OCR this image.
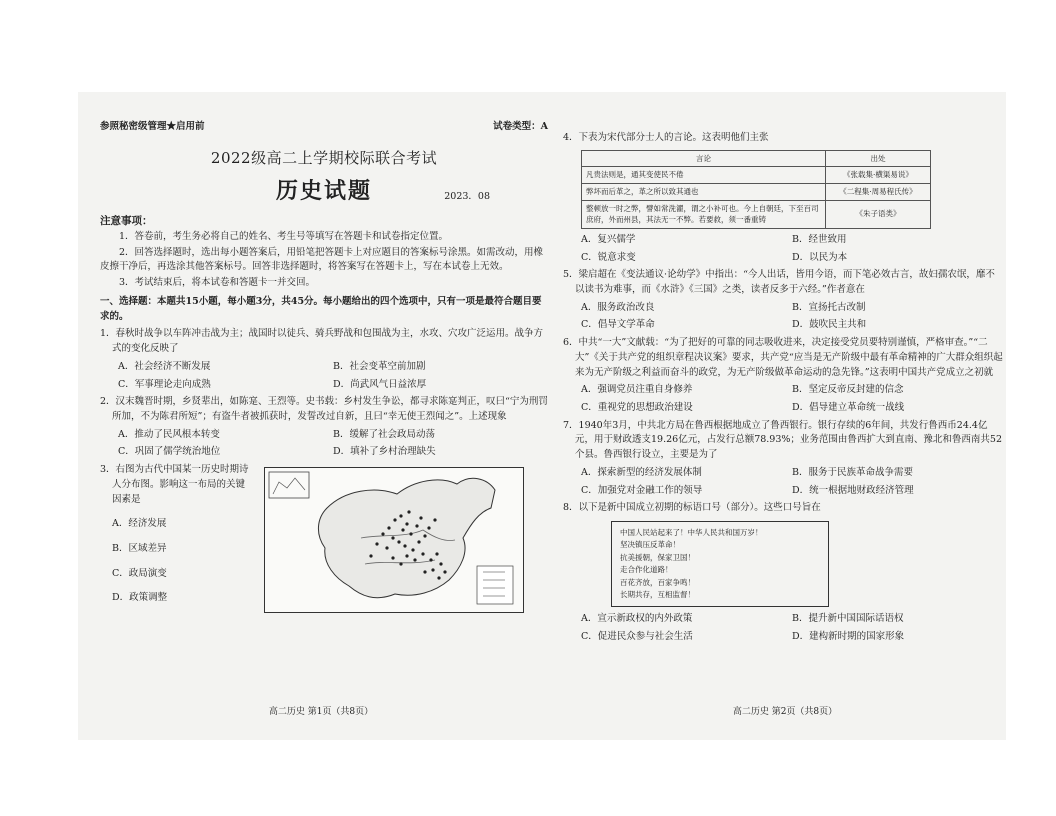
参照秘密级管理★启用前	试卷类型：A
2022级高二上学期校际联合考试
历史试题	2023．08
注意事项：
1．答卷前，考生务必将自己的姓名、考生号等填写在答题卡和试卷指定位置。
2．回答选择题时，选出每小题答案后，用铅笔把答题卡上对应题目的答案标号涂黑。如需改动，用橡皮擦干净后，再选涂其他答案标号。回答非选择题时，将答案写在答题卡上，写在本试卷上无效。
3．考试结束后，将本试卷和答题卡一并交回。
一、选择题：本题共15小题，每小题3分，共45分。每小题给出的四个选项中，只有一项是最符合题目要求的。
1．春秋时战争以车阵冲击战为主；战国时以徒兵、骑兵野战和包围战为主，水攻、穴攻广泛运用。战争方式的变化反映了
A．社会经济不断发展	B．社会变革空前加剧
C．军事理论走向成熟	D．尚武风气日益浓厚
2．汉末魏晋时期，乡贤辈出，如陈寔、王烈等。史书载：乡村发生争讼，都寻求陈寔判正，叹曰“宁为刑罚所加，不为陈君所短”；有盗牛者被抓获时，发誓改过自新，且曰“幸无使王烈闻之”。上述现象
A．推动了民风根本转变	B．缓解了社会政局动荡
C．巩固了儒学统治地位	D．填补了乡村治理缺失
3．右图为古代中国某一历史时期诗人分布图。影响这一布局的关键因素是
A．经济发展
B．区域差异
C．政局演变
D．政策调整
高二历史 第1页（共8页）
4．下表为宋代部分士人的言论。这表明他们主张
言论	出处
凡贵法则是，通其变使民不倦	《张载集·横渠易说》
弊坏而后革之，革之所以致其通也	《二程集·周易程氏传》
整顿放一时之弊，譬如常洗濯，谓之小补可也。今上自朝廷，下至百司庶府，外而州县，其法无一不弊。若要救，须一番重铸	《朱子语类》
A．复兴儒学	B．经世致用
C．锐意求变	D．以民为本
5．梁启超在《变法通议·论幼学》中指出：“今人出话，皆用今语，而下笔必效古言，故妇孺农氓，靡不以读书为难事，而《水浒》《三国》之类，读者反多于六经。”作者意在
A．服务政治改良	B．宣扬托古改制
C．倡导文学革命	D．鼓吹民主共和
6．中共“一大”文献载：“为了把好的可靠的同志吸收进来，决定接受党员要特别谨慎，严格审查。”“二大”《关于共产党的组织章程决议案》要求，共产党“应当是无产阶级中最有革命精神的广大群众组织起来为无产阶级之利益而奋斗的政党，为无产阶级做革命运动的急先锋。”这表明中国共产党成立之初就
A．强调党员注重自身修养	B．坚定反帝反封建的信念
C．重视党的思想政治建设	D．倡导建立革命统一战线
7．1940年3月，中共北方局在鲁西根据地成立了鲁西银行。银行存续的6年间，共发行鲁西币24.4亿元，用于财政透支19.26亿元，占发行总额78.93%；业务范围由鲁西扩大到直南、豫北和鲁西南共52个县。鲁西银行设立，主要是为了
A．探索新型的经济发展体制	B．服务于民族革命战争需要
C．加强党对金融工作的领导	D．统一根据地财政经济管理
8．以下是新中国成立初期的标语口号（部分）。这些口号旨在
中国人民站起来了！中华人民共和国万岁！
坚决镇压反革命！
抗美援朝，保家卫国！
走合作化道路！
百花齐放，百家争鸣！
长期共存，互相监督！
A．宣示新政权的内外政策	B．提升新中国国际话语权
C．促进民众参与社会生活	D．建构新时期的国家形象
高二历史 第2页（共8页）
